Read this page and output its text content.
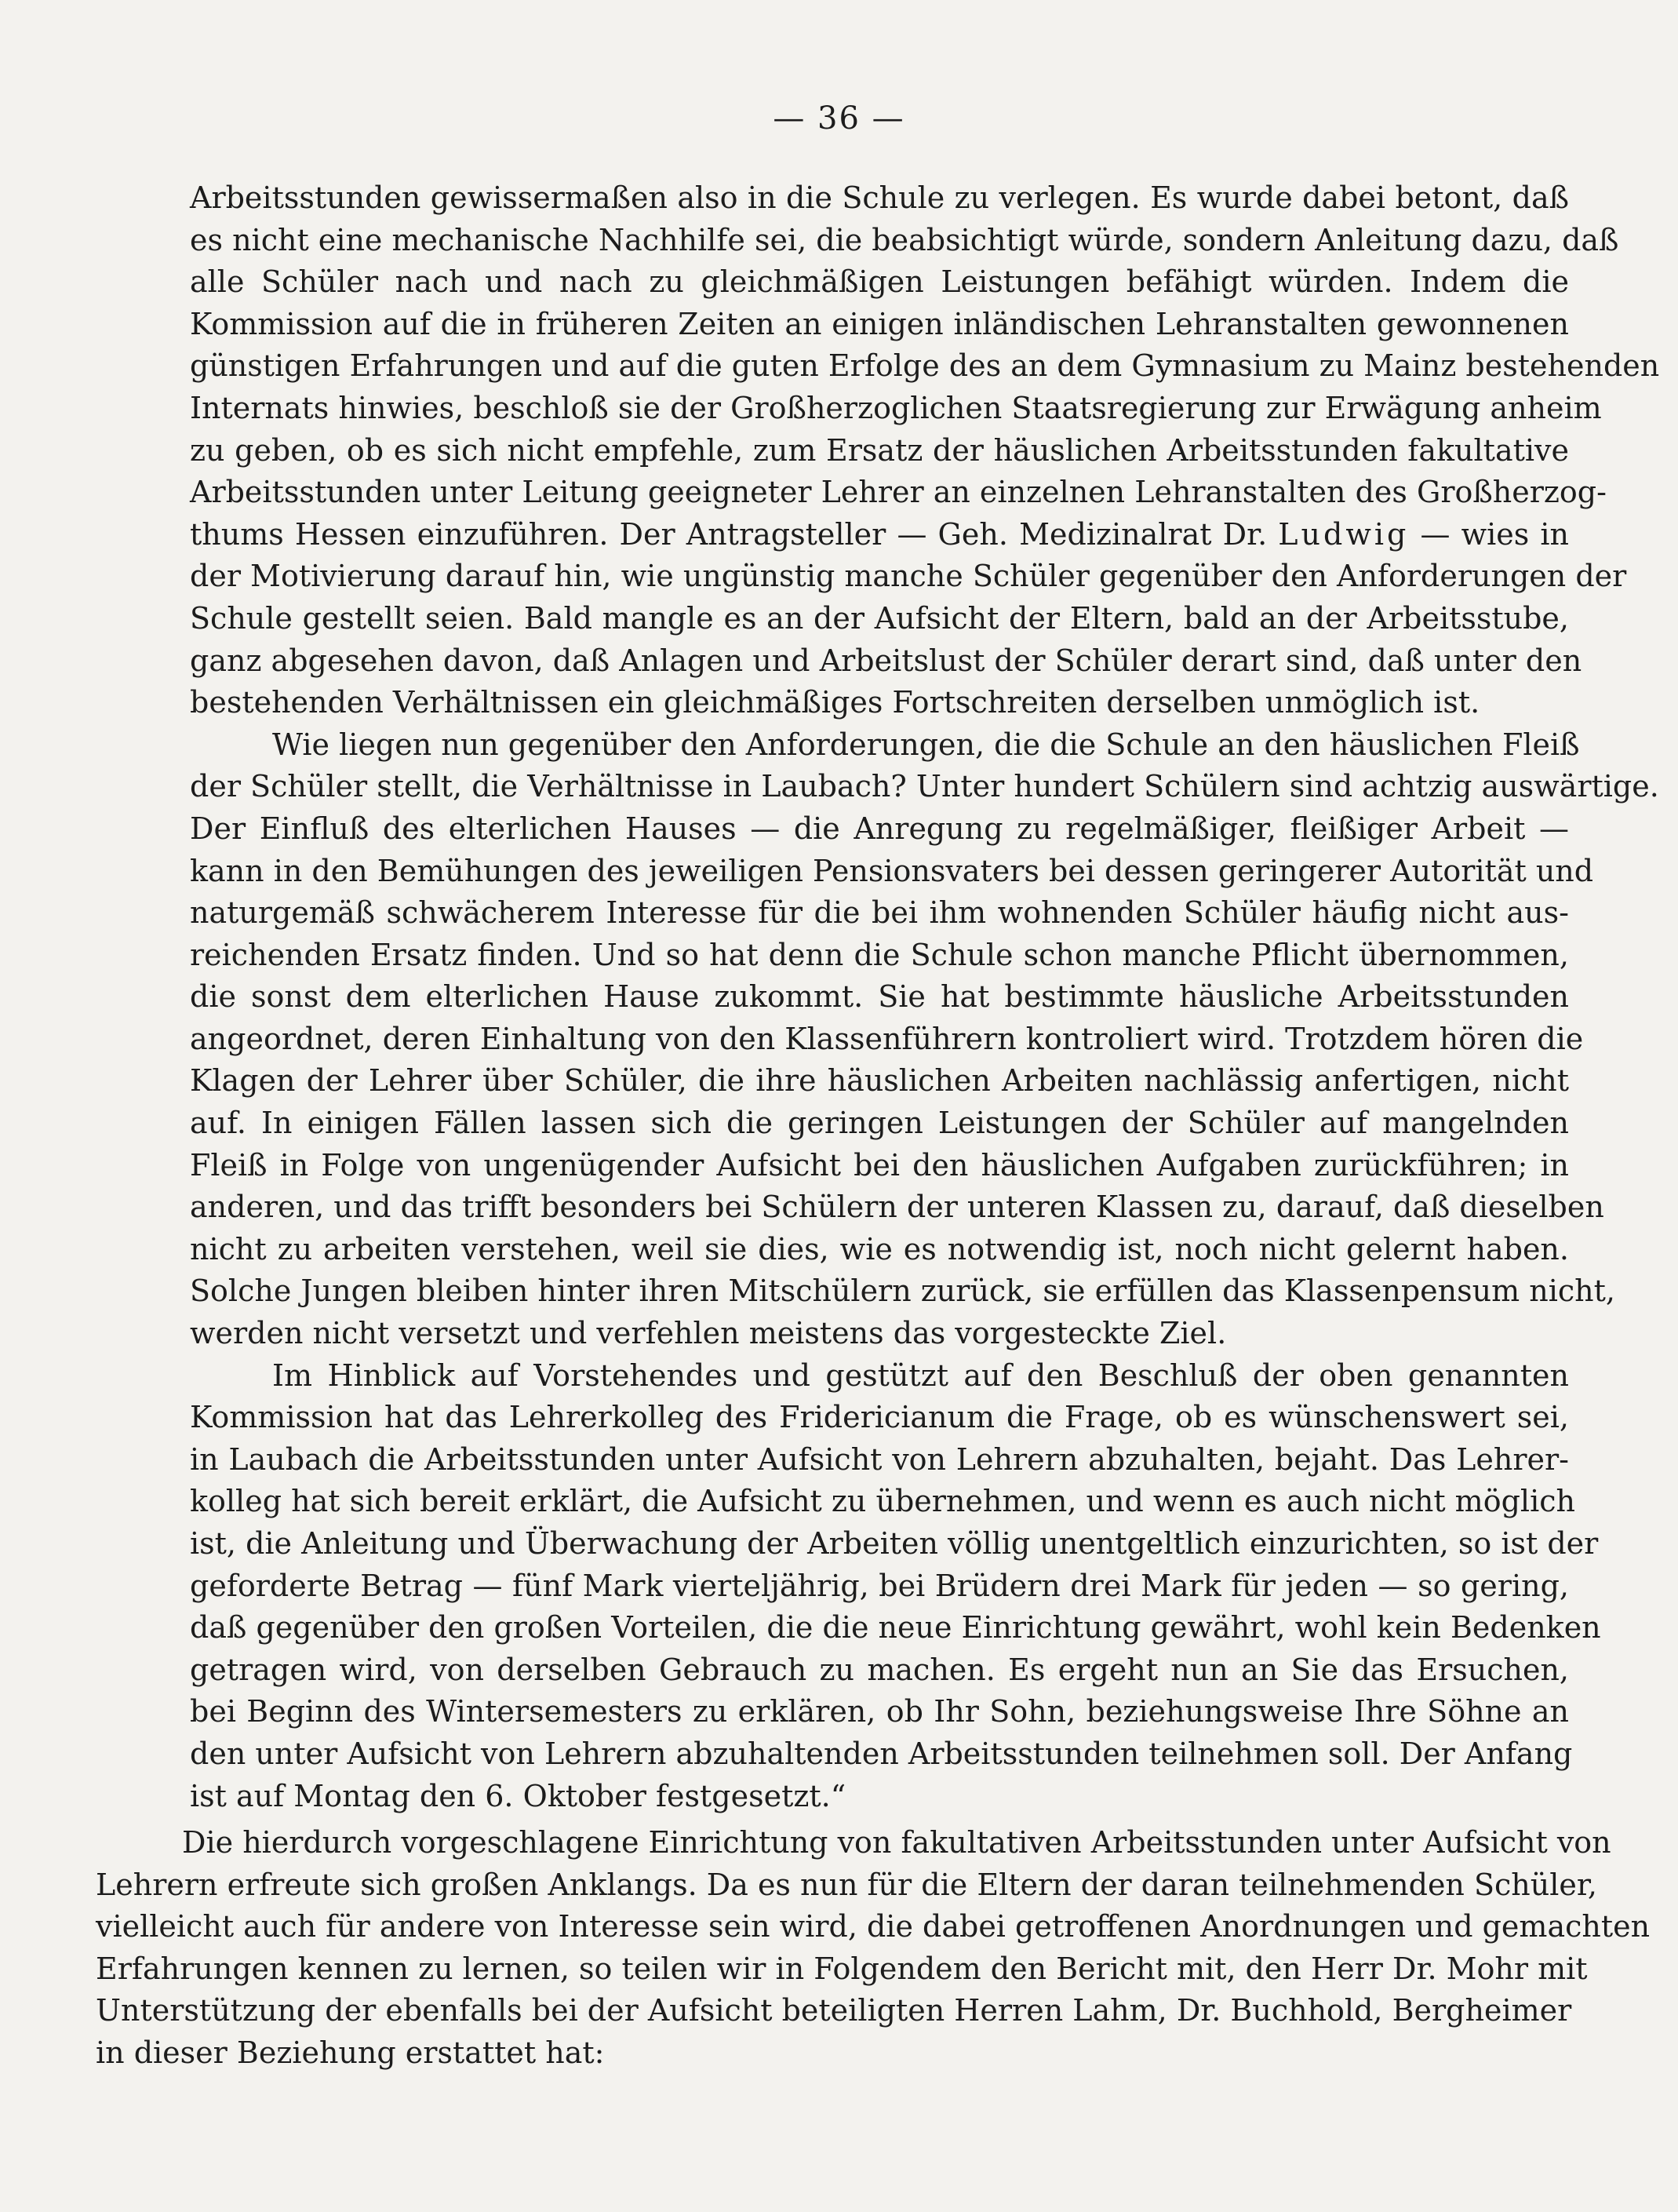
— 36 —
Arbeitsstunden gewissermaßen also in die Schule zu verlegen. Es wurde dabei betont, daß
es nicht eine mechanische Nachhilfe sei, die beabsichtigt würde, sondern Anleitung dazu, daß
alle Schüler nach und nach zu gleichmäßigen Leistungen befähigt würden. Indem die
Kommission auf die in früheren Zeiten an einigen inländischen Lehranstalten gewonnenen
günstigen Erfahrungen und auf die guten Erfolge des an dem Gymnasium zu Mainz bestehenden
Internats hinwies, beschloß sie der Großherzoglichen Staatsregierung zur Erwägung anheim
zu geben, ob es sich nicht empfehle, zum Ersatz der häuslichen Arbeitsstunden fakultative
Arbeitsstunden unter Leitung geeigneter Lehrer an einzelnen Lehranstalten des Großherzog-
thums Hessen einzuführen. Der Antragsteller — Geh. Medizinalrat Dr. Ludwig — wies in
der Motivierung darauf hin, wie ungünstig manche Schüler gegenüber den Anforderungen der
Schule gestellt seien. Bald mangle es an der Aufsicht der Eltern, bald an der Arbeitsstube,
ganz abgesehen davon, daß Anlagen und Arbeitslust der Schüler derart sind, daß unter den
bestehenden Verhältnissen ein gleichmäßiges Fortschreiten derselben unmöglich ist.
Wie liegen nun gegenüber den Anforderungen, die die Schule an den häuslichen Fleiß
der Schüler stellt, die Verhältnisse in Laubach? Unter hundert Schülern sind achtzig auswärtige.
Der Einfluß des elterlichen Hauses — die Anregung zu regelmäßiger, fleißiger Arbeit —
kann in den Bemühungen des jeweiligen Pensionsvaters bei dessen geringerer Autorität und
naturgemäß schwächerem Interesse für die bei ihm wohnenden Schüler häufig nicht aus-
reichenden Ersatz finden. Und so hat denn die Schule schon manche Pflicht übernommen,
die sonst dem elterlichen Hause zukommt. Sie hat bestimmte häusliche Arbeitsstunden
angeordnet, deren Einhaltung von den Klassenführern kontroliert wird. Trotzdem hören die
Klagen der Lehrer über Schüler, die ihre häuslichen Arbeiten nachlässig anfertigen, nicht
auf. In einigen Fällen lassen sich die geringen Leistungen der Schüler auf mangelnden
Fleiß in Folge von ungenügender Aufsicht bei den häuslichen Aufgaben zurückführen; in
anderen, und das trifft besonders bei Schülern der unteren Klassen zu, darauf, daß dieselben
nicht zu arbeiten verstehen, weil sie dies, wie es notwendig ist, noch nicht gelernt haben.
Solche Jungen bleiben hinter ihren Mitschülern zurück, sie erfüllen das Klassenpensum nicht,
werden nicht versetzt und verfehlen meistens das vorgesteckte Ziel.
Im Hinblick auf Vorstehendes und gestützt auf den Beschluß der oben genannten
Kommission hat das Lehrerkolleg des Fridericianum die Frage, ob es wünschenswert sei,
in Laubach die Arbeitsstunden unter Aufsicht von Lehrern abzuhalten, bejaht. Das Lehrer-
kolleg hat sich bereit erklärt, die Aufsicht zu übernehmen, und wenn es auch nicht möglich
ist, die Anleitung und Überwachung der Arbeiten völlig unentgeltlich einzurichten, so ist der
geforderte Betrag — fünf Mark vierteljährig, bei Brüdern drei Mark für jeden — so gering,
daß gegenüber den großen Vorteilen, die die neue Einrichtung gewährt, wohl kein Bedenken
getragen wird, von derselben Gebrauch zu machen. Es ergeht nun an Sie das Ersuchen,
bei Beginn des Wintersemesters zu erklären, ob Ihr Sohn, beziehungsweise Ihre Söhne an
den unter Aufsicht von Lehrern abzuhaltenden Arbeitsstunden teilnehmen soll. Der Anfang
ist auf Montag den 6. Oktober festgesetzt.“
Die hierdurch vorgeschlagene Einrichtung von fakultativen Arbeitsstunden unter Aufsicht von
Lehrern erfreute sich großen Anklangs. Da es nun für die Eltern der daran teilnehmenden Schüler,
vielleicht auch für andere von Interesse sein wird, die dabei getroffenen Anordnungen und gemachten
Erfahrungen kennen zu lernen, so teilen wir in Folgendem den Bericht mit, den Herr Dr. Mohr mit
Unterstützung der ebenfalls bei der Aufsicht beteiligten Herren Lahm, Dr. Buchhold, Bergheimer
in dieser Beziehung erstattet hat:
